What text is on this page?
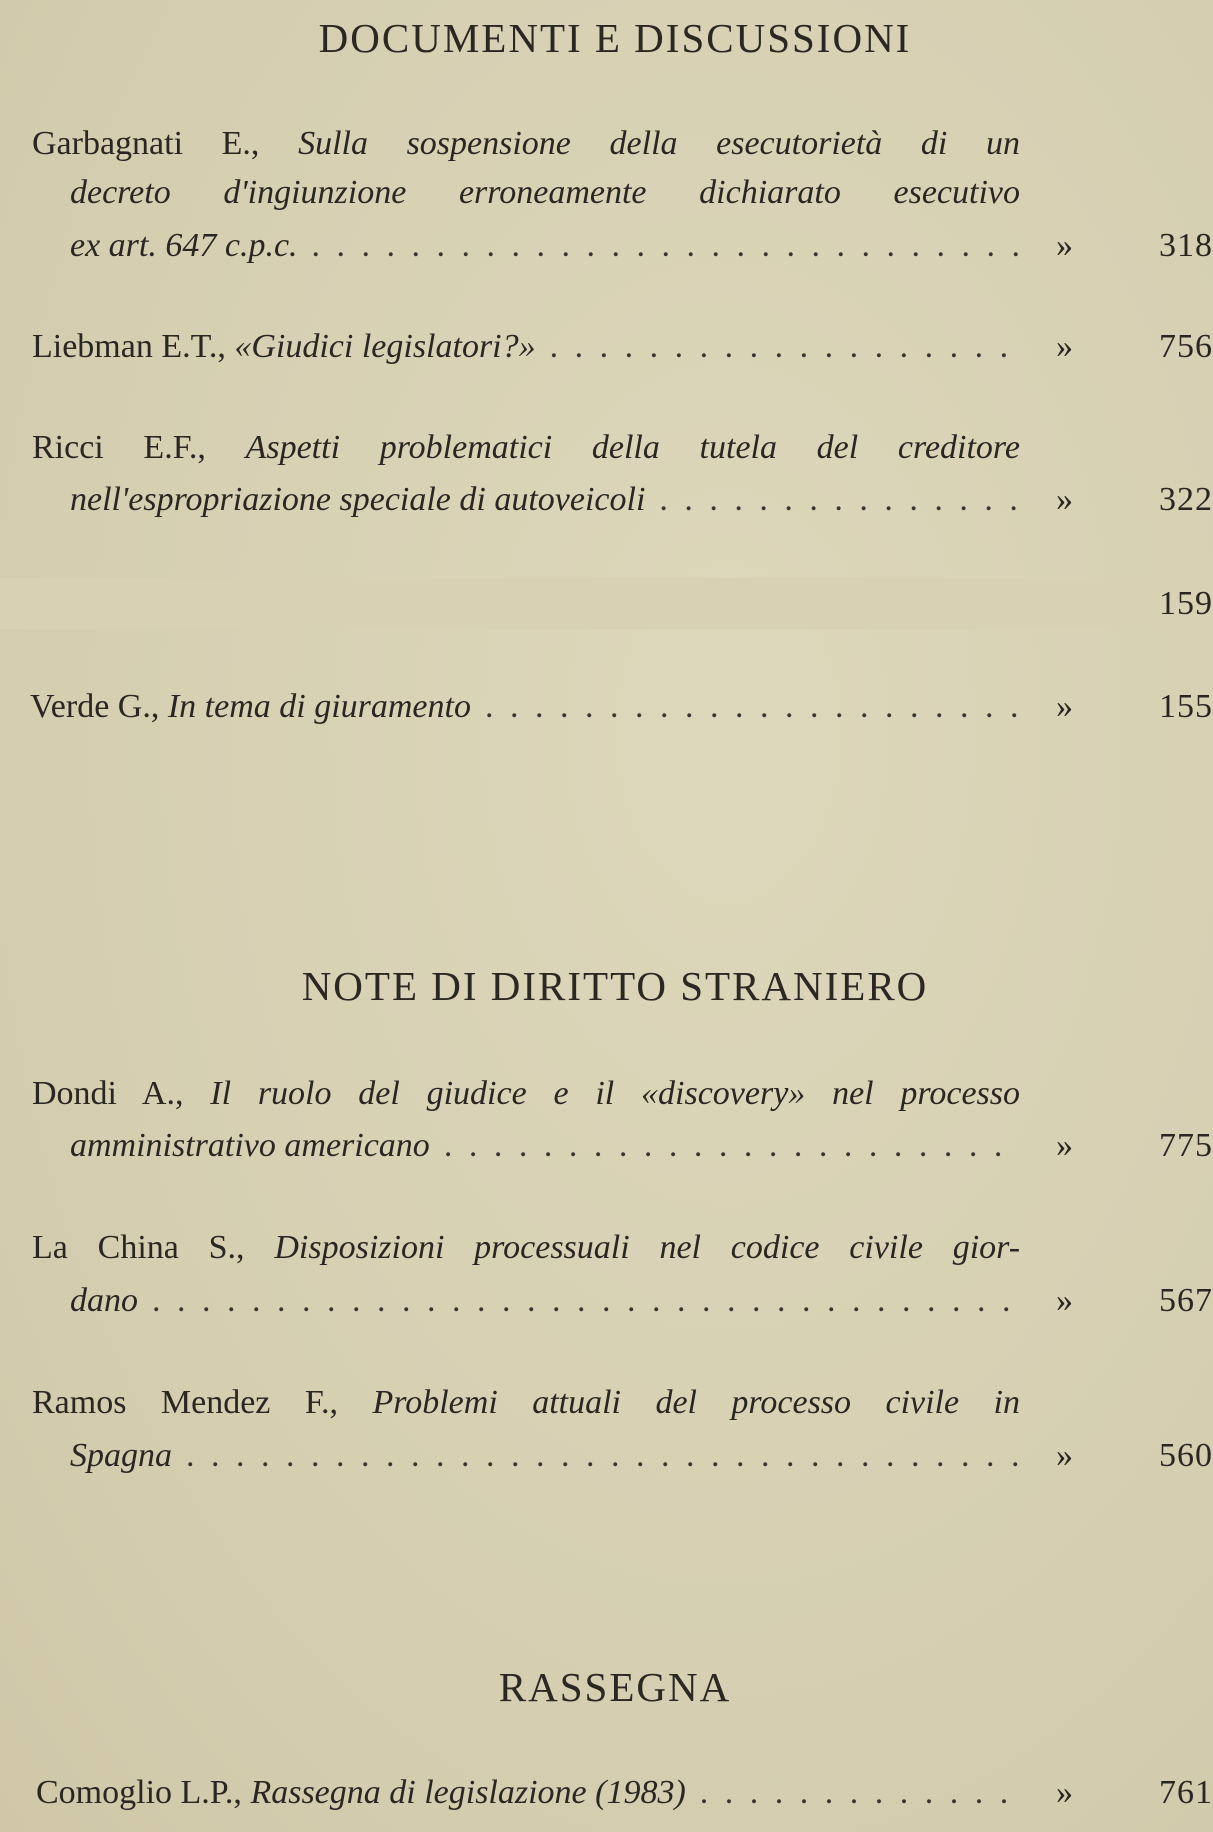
DOCUMENTI E DISCUSSIONI
Garbagnati E., Sulla sospensione della esecutorietà di un
decreto d'ingiunzione erroneamente dichiarato esecutivo
ex art. 647 c.p.c. . . .	»	318
Liebman E.T., «Giudici legislatori?» . . .	»	756
Ricci E.F., Aspetti problematici della tutela del creditore
nell'espropriazione speciale di autoveicoli . . .	»	322
159
Verde G., In tema di giuramento . . .	»	155
NOTE DI DIRITTO STRANIERO
Dondi A., Il ruolo del giudice e il «discovery» nel processo
amministrativo americano . . .	»	775
La China S., Disposizioni processuali nel codice civile gior-
dano . . .	»	567
Ramos Mendez F., Problemi attuali del processo civile in
Spagna . . .	»	560
RASSEGNA
Comoglio L.P., Rassegna di legislazione (1983) . . .	»	761
